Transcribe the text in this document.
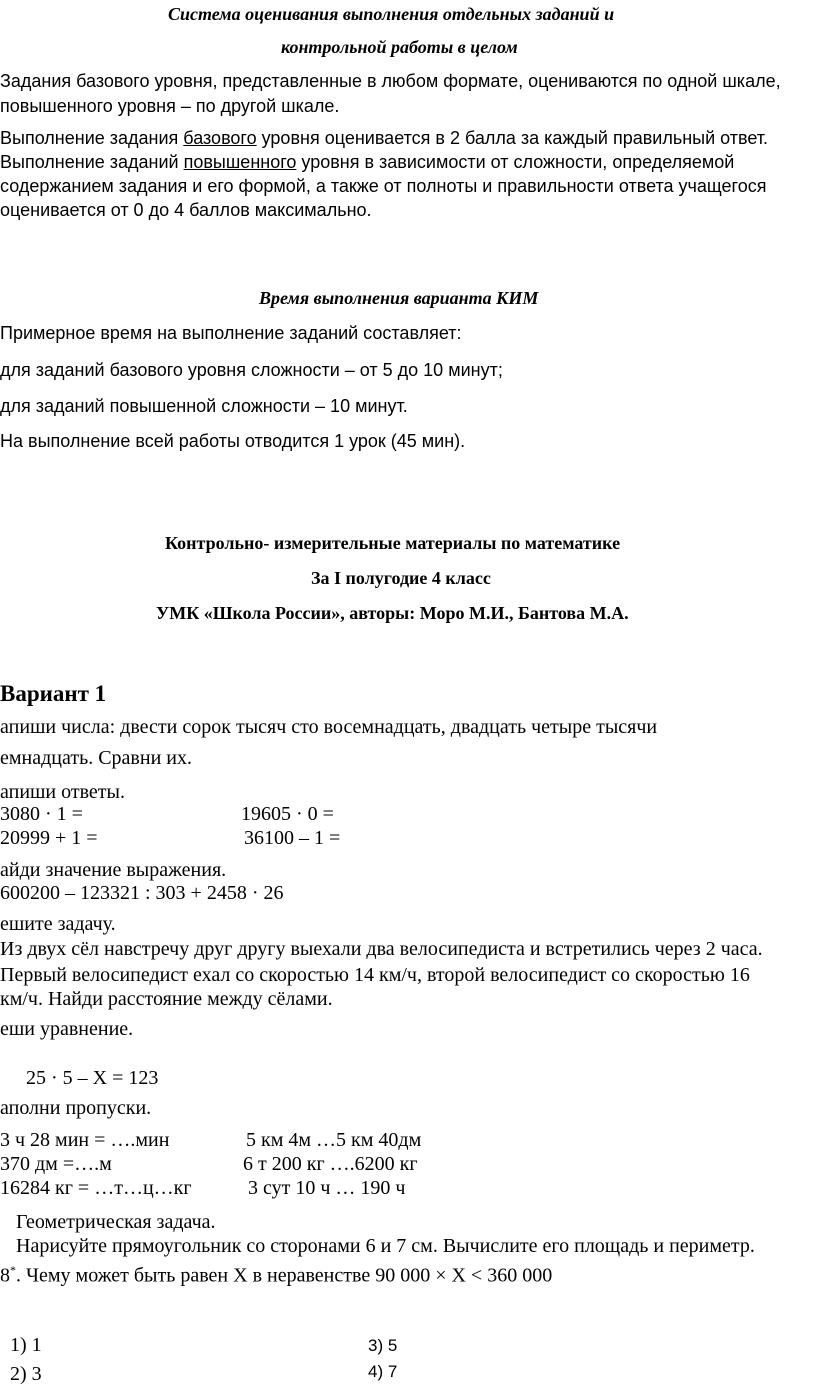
Система оценивания выполнения отдельных заданий и
контрольной работы в целом
Задания базового уровня, представленные в любом формате, оцениваются по одной шкале,
повышенного уровня – по другой шкале.
Выполнение задания базового уровня оценивается в 2 балла за каждый правильный ответ.
Выполнение заданий повышенного уровня в зависимости от сложности, определяемой
содержанием задания и его формой, а также от полноты и правильности ответа учащегося
оценивается от 0 до 4 баллов максимально.
Время выполнения варианта КИМ
Примерное время на выполнение заданий составляет:
для заданий базового уровня сложности – от 5 до 10 минут;
для заданий повышенной сложности – 10 минут.
На выполнение всей работы отводится 1 урок (45 мин).
Контрольно- измерительные материалы по математике
За I полугодие 4 класс
УМК «Школа России», авторы: Моро М.И., Бантова М.А.
Вариант 1
апиши числа: двести сорок тысяч сто восемнадцать, двадцать четыре тысячи
емнадцать. Сравни их.
апиши ответы.
3080 · 1 =	19605 · 0 =
20999 + 1 =	36100 – 1 =
айди значение выражения.
600200 – 123321 : 303 + 2458 · 26
ешите задачу.
Из двух сёл навстречу друг другу выехали два велосипедиста и встретились через 2 часа.
Первый велосипедист ехал со скоростью 14 км/ч, второй велосипедист со скоростью 16
км/ч. Найди расстояние между сёлами.
еши уравнение.
25 · 5 – Х = 123
аполни пропуски.
3 ч 28 мин = ….мин	5 км 4м …5 км 40дм
370 дм =….м	6 т 200 кг ….6200 кг
16284 кг = …т…ц…кг	3 сут 10 ч … 190 ч
Геометрическая задача.
Нарисуйте прямоугольник со сторонами 6 и 7 см. Вычислите его площадь и периметр.
8*. Чему может быть равен Х в неравенстве 90 000 × Х < 360 000
1) 1	3) 5
2) 3	4) 7
